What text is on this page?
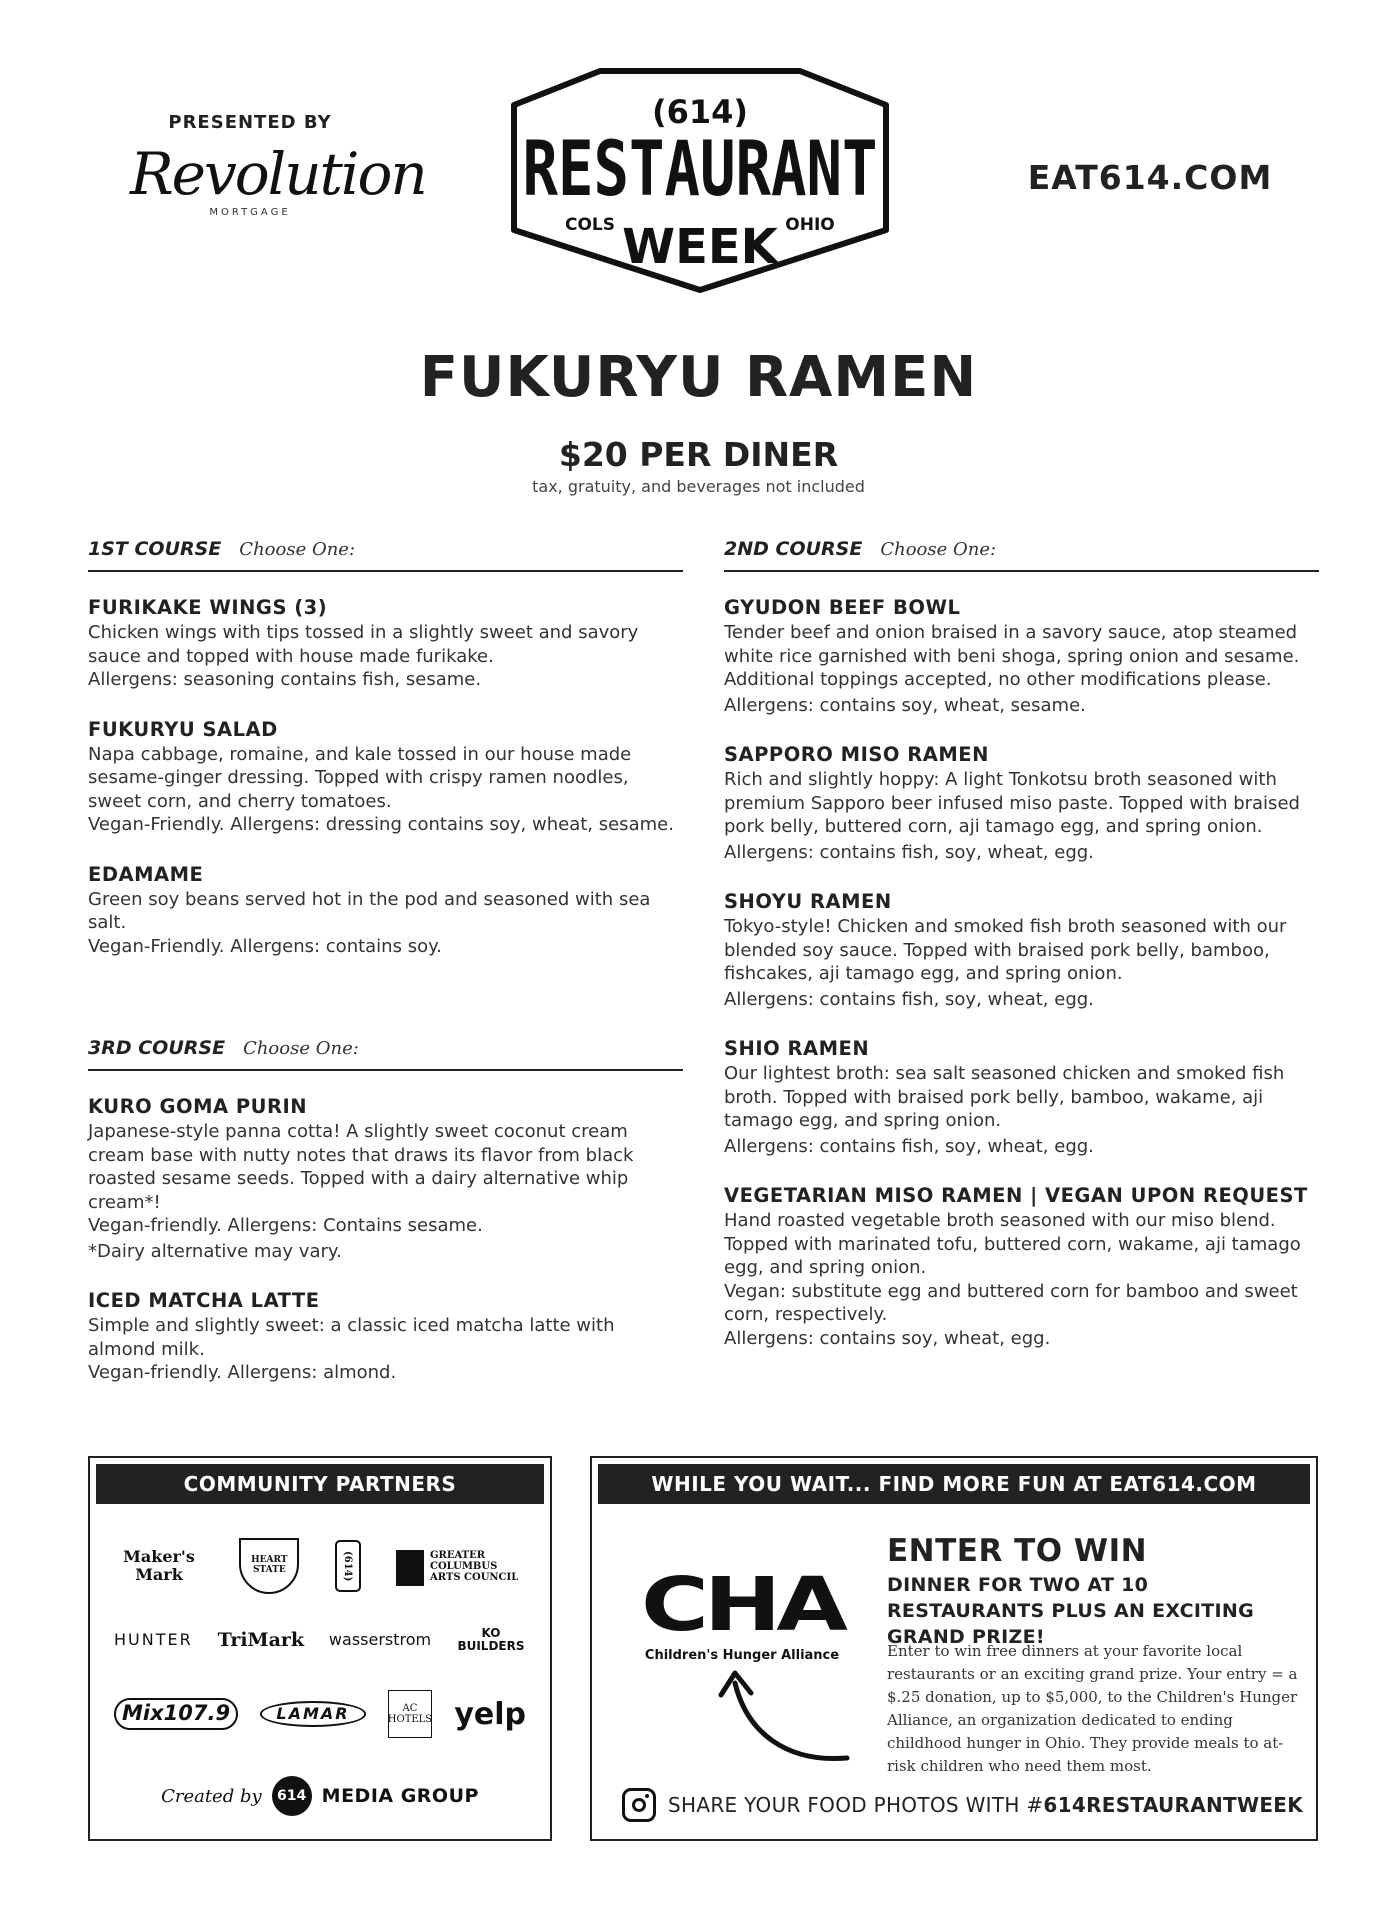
PRESENTED BY
Revolution
MORTGAGE
(614)
RESTAURANT
COLS WEEK OHIO
EAT614.COM
FUKURYU RAMEN
$20 PER DINER
tax, gratuity, and beverages not included
1ST COURSE Choose One:
FURIKAKE WINGS (3)
Chicken wings with tips tossed in a slightly sweet and savory sauce and topped with house made furikake.
Allergens: seasoning contains fish, sesame.
FUKURYU SALAD
Napa cabbage, romaine, and kale tossed in our house made sesame-ginger dressing. Topped with crispy ramen noodles, sweet corn, and cherry tomatoes.
Vegan-Friendly. Allergens: dressing contains soy, wheat, sesame.
EDAMAME
Green soy beans served hot in the pod and seasoned with sea salt.
Vegan-Friendly. Allergens: contains soy.
3RD COURSE Choose One:
KURO GOMA PURIN
Japanese-style panna cotta! A slightly sweet coconut cream cream base with nutty notes that draws its flavor from black roasted sesame seeds. Topped with a dairy alternative whip cream*!
Vegan-friendly. Allergens: Contains sesame.
*Dairy alternative may vary.
ICED MATCHA LATTE
Simple and slightly sweet: a classic iced matcha latte with almond milk.
Vegan-friendly. Allergens: almond.
2ND COURSE Choose One:
GYUDON BEEF BOWL
Tender beef and onion braised in a savory sauce, atop steamed white rice garnished with beni shoga, spring onion and sesame.
Additional toppings accepted, no other modifications please.
Allergens: contains soy, wheat, sesame.
SAPPORO MISO RAMEN
Rich and slightly hoppy: A light Tonkotsu broth seasoned with premium Sapporo beer infused miso paste. Topped with braised pork belly, buttered corn, aji tamago egg, and spring onion.
Allergens: contains fish, soy, wheat, egg.
SHOYU RAMEN
Tokyo-style! Chicken and smoked fish broth seasoned with our blended soy sauce. Topped with braised pork belly, bamboo, fishcakes, aji tamago egg, and spring onion.
Allergens: contains fish, soy, wheat, egg.
SHIO RAMEN
Our lightest broth: sea salt seasoned chicken and smoked fish broth. Topped with braised pork belly, bamboo, wakame, aji tamago egg, and spring onion.
Allergens: contains fish, soy, wheat, egg.
VEGETARIAN MISO RAMEN | VEGAN UPON REQUEST
Hand roasted vegetable broth seasoned with our miso blend. Topped with marinated tofu, buttered corn, wakame, aji tamago egg, and spring onion.
Vegan: substitute egg and buttered corn for bamboo and sweet corn, respectively.
Allergens: contains soy, wheat, egg.
COMMUNITY PARTNERS
Maker's Mark
HEART STATE	(614)	GREATER COLUMBUS ARTS COUNCIL
HUNTER TriMark wasserstrom	KO BUILDERS
Mix107.9	LAMAR	AC HOTELS yelp
Created by	614 MEDIA GROUP
WHILE YOU WAIT... FIND MORE FUN AT EAT614.COM
CHA
Children's Hunger Alliance
ENTER TO WIN
DINNER FOR TWO AT 10 RESTAURANTS PLUS AN EXCITING GRAND PRIZE!
Enter to win free dinners at your favorite local restaurants or an exciting grand prize. Your entry = a $.25 donation, up to $5,000, to the Children's Hunger Alliance, an organization dedicated to ending childhood hunger in Ohio. They provide meals to at-risk children who need them most.
SHARE YOUR FOOD PHOTOS WITH #614RESTAURANTWEEK
